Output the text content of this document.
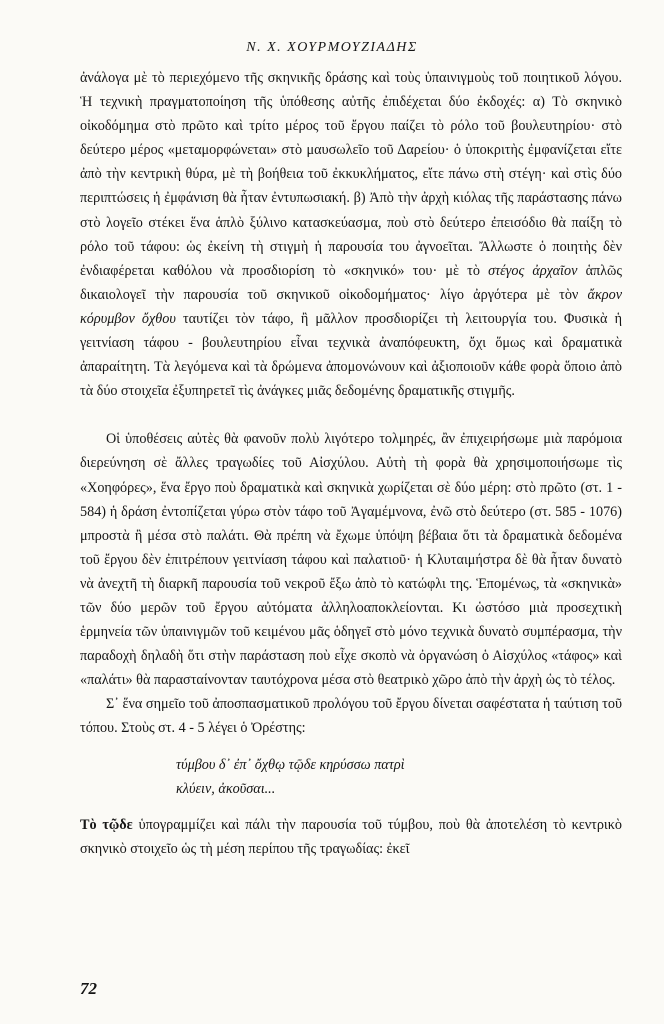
Ν. Χ. ΧΟΥΡΜΟΥΖΙΑΔΗΣ

ἀνάλογα μὲ τὸ περιεχόμενο τῆς σκηνικῆς δράσης καὶ τοὺς ὑπαινιγμοὺς τοῦ ποιητικοῦ λόγου. Ἡ τεχνικὴ πραγματοποίηση τῆς ὑπόθεσης αὐτῆς ἐπιδέχεται δύο ἐκδοχές: α) Τὸ σκηνικὸ οἰκοδόμημα στὸ πρῶτο καὶ τρίτο μέρος τοῦ ἔργου παίζει τὸ ρόλο τοῦ βουλευτηρίου· στὸ δεύτερο μέρος «μεταμορφώνεται» στὸ μαυσωλεῖο τοῦ Δαρείου· ὁ ὑποκριτὴς ἐμφανίζεται εἴτε ἀπὸ τὴν κεντρικὴ θύρα, μὲ τὴ βοήθεια τοῦ ἐκκυκλήματος, εἴτε πάνω στὴ στέγη· καὶ στὶς δύο περιπτώσεις ἡ ἐμφάνιση θὰ ἦταν ἐντυπωσιακή. β) Ἀπὸ τὴν ἀρχὴ κιόλας τῆς παράστασης πάνω στὸ λογεῖο στέκει ἕνα ἁπλὸ ξύλινο κατασκεύασμα, ποὺ στὸ δεύτερο ἐπεισόδιο θὰ παίξη τὸ ρόλο τοῦ τάφου: ὡς ἐκείνη τὴ στιγμὴ ἡ παρουσία του ἀγνοεῖται. Ἄλλωστε ὁ ποιητὴς δὲν ἐνδιαφέρεται καθόλου νὰ προσδιορίση τὸ «σκηνικό» του· μὲ τὸ στέγος ἀρχαῖον ἁπλῶς δικαιολογεῖ τὴν παρουσία τοῦ σκηνικοῦ οἰκοδομήματος· λίγο ἀργότερα μὲ τὸν ἄκρον κόρυμβον ὄχθου ταυτίζει τὸν τάφο, ἢ μᾶλλον προσδιορίζει τὴ λειτουργία του. Φυσικὰ ἡ γειτνίαση τάφου - βουλευτηρίου εἶναι τεχνικὰ ἀναπόφευκτη, ὄχι ὅμως καὶ δραματικὰ ἀπαραίτητη. Τὰ λεγόμενα καὶ τὰ δρώμενα ἀπομονώνουν καὶ ἀξιοποιοῦν κάθε φορὰ ὅποιο ἀπὸ τὰ δύο στοιχεῖα ἐξυπηρετεῖ τὶς ἀνάγκες μιᾶς δεδομένης δραματικῆς στιγμῆς.

Οἱ ὑποθέσεις αὐτὲς θὰ φανοῦν πολὺ λιγότερο τολμηρές, ἂν ἐπιχειρήσωμε μιὰ παρόμοια διερεύνηση σὲ ἄλλες τραγωδίες τοῦ Αἰσχύλου. Αὐτὴ τὴ φορὰ θὰ χρησιμοποιήσωμε τὶς «Χοηφόρες», ἕνα ἔργο ποὺ δραματικὰ καὶ σκηνικὰ χωρίζεται σὲ δύο μέρη: στὸ πρῶτο (στ. 1 - 584) ἡ δράση ἐντοπίζεται γύρω στὸν τάφο τοῦ Ἀγαμέμνονα, ἐνῶ στὸ δεύτερο (στ. 585 - 1076) μπροστὰ ἢ μέσα στὸ παλάτι. Θὰ πρέπη νὰ ἔχωμε ὑπόψη βέβαια ὅτι τὰ δραματικὰ δεδομένα τοῦ ἔργου δὲν ἐπιτρέπουν γειτνίαση τάφου καὶ παλατιοῦ· ἡ Κλυταιμήστρα δὲ θὰ ἦταν δυνατὸ νὰ ἀνεχτῆ τὴ διαρκῆ παρουσία τοῦ νεκροῦ ἔξω ἀπὸ τὸ κατώφλι της. Ἑπομένως, τὰ «σκηνικὰ» τῶν δύο μερῶν τοῦ ἔργου αὐτόματα ἀλληλοαποκλείονται. Κι ὡστόσο μιὰ προσεχτικὴ ἑρμηνεία τῶν ὑπαινιγμῶν τοῦ κειμένου μᾶς ὁδηγεῖ στὸ μόνο τεχνικὰ δυνατὸ συμπέρασμα, τὴν παραδοχὴ δηλαδὴ ὅτι στὴν παράσταση ποὺ εἶχε σκοπὸ νὰ ὀργανώση ὁ Αἰσχύλος «τάφος» καὶ «παλάτι» θὰ παρασταίνονταν ταυτόχρονα μέσα στὸ θεατρικὸ χῶρο ἀπὸ τὴν ἀρχὴ ὡς τὸ τέλος.

Σ᾿ ἕνα σημεῖο τοῦ ἀποσπασματικοῦ προλόγου τοῦ ἔργου δίνεται σαφέστατα ἡ ταύτιση τοῦ τόπου. Στοὺς στ. 4 - 5 λέγει ὁ Ὀρέστης:

τύμβου δ᾿ ἐπ᾿ ὄχθῳ τῷδε κηρύσσω πατρὶ
κλύειν, ἀκοῦσαι...

Τὸ τῷδε ὑπογραμμίζει καὶ πάλι τὴν παρουσία τοῦ τύμβου, ποὺ θὰ ἀποτελέση τὸ κεντρικὸ σκηνικὸ στοιχεῖο ὡς τὴ μέση περίπου τῆς τραγωδίας: ἐκεῖ

72
